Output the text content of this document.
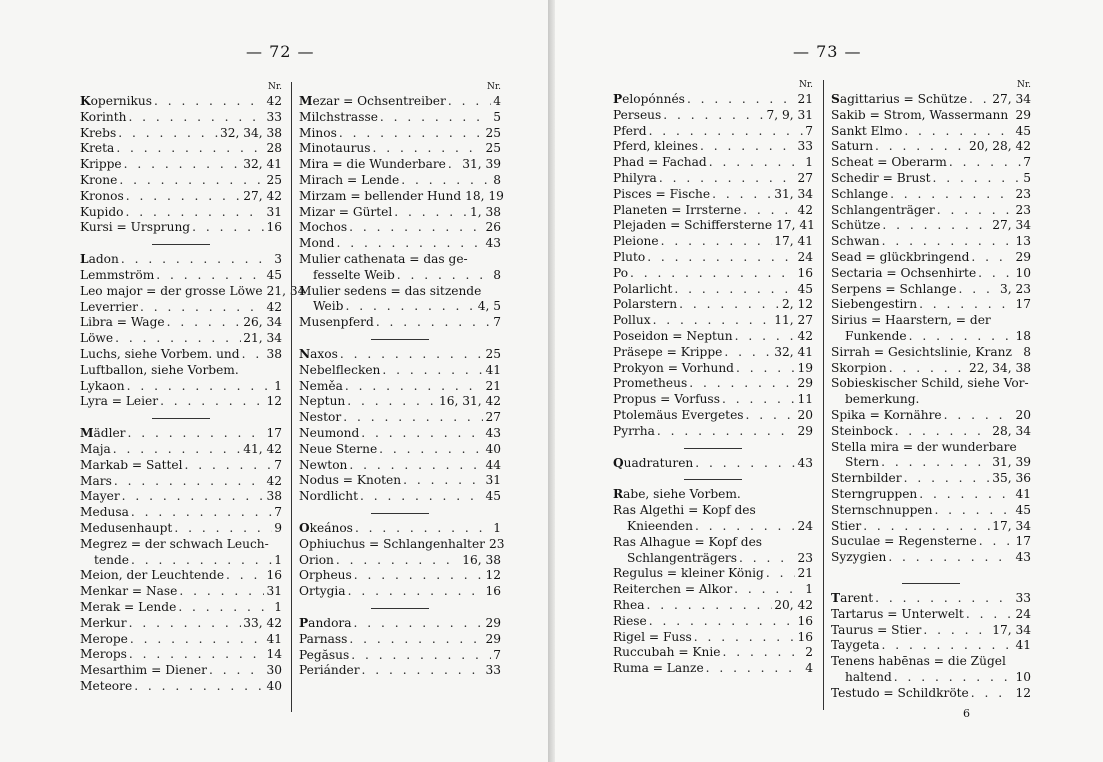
— 72 —
Nr.
Kopernikus . . .	42
Korinth . . .	33
Krebs . . .	32, 34, 38
Kreta . . .	28
Krippe . . .	32, 41
Krone . . .	25
Kronos . . .	27, 42
Kupido . . .	31
Kursi = Ursprung . . .	16
Ladon . . .	3
Lemmström . . .	45
Leo major = der grosse Löwe 21, 34
Leverrier . . .	42
Libra = Wage . . .	26, 34
Löwe . . .	21, 34
Luchs, siehe Vorbem. und . . . 38
Luftballon, siehe Vorbem.
Lykaon . . .	1
Lyra = Leier . . .	12
Mädler . . .	17
Maja . . .	41, 42
Markab = Sattel . . .	7
Mars . . .	42
Mayer . . .	38
Medusa . . .	7
Medusenhaupt . . .	9
Megrez = der schwach Leuch-
tende . . .	1
Meion, der Leuchtende . . .	16
Menkar = Nase . . .	31
Merak = Lende . . .	1
Merkur . . .	33, 42
Merope . . .	41
Merops . . .	14
Mesarthim = Diener . . .	30
Meteore . . .	40
Nr.
Mezar = Ochsentreiber . . .	4
Milchstrasse . . .	5
Minos . . .	25
Minotaurus . . .	25
Mira = die Wunderbare . . . 31, 39
Mirach = Lende . . .	8
Mirzam = bellender Hund 18, 19
Mizar = Gürtel . . .	1, 38
Mochos . . .	26
Mond . . .	43
Mulier cathenata = das ge-
fesselte Weib . . .	8
Mulier sedens = das sitzende
Weib . . .	4, 5
Musenpferd . . .	7
Naxos . . .	25
Nebelflecken . . .	41
Neměa . . .	21
Neptun . . .	16, 31, 42
Nestor . . .	27
Neumond . . .	43
Neue Sterne . . .	40
Newton . . .	44
Nodus = Knoten . . .	31
Nordlicht . . .	45
Okeános . . .	1
Ophiuchus = Schlangenhalter 23
Orion . . .	16, 38
Orpheus . . .	12
Ortygia . . .	16
Pandora . . .	29
Parnass . . .	29
Pegăsus . . .	7
Periánder . . .	33
— 73 —
Nr.
Pelopónnés . . .	21
Perseus . . .	7, 9, 31
Pferd . . .	7
Pferd, kleines . . .	33
Phad = Fachad . . .	1
Philyra . . .	27
Pisces = Fische . . .	31, 34
Planeten = Irrsterne . . .	42
Plejaden = Schiffersterne 17, 41
Pleione . . .	17, 41
Pluto . . .	24
Po . . .	16
Polarlicht . . .	45
Polarstern . . .	2, 12
Pollux . . .	11, 27
Poseidon = Neptun . . .	42
Präsepe = Krippe . . .	32, 41
Prokyon = Vorhund . . .	19
Prometheus . . .	29
Propus = Vorfuss . . .	11
Ptolemäus Evergetes . . .	20
Pyrrha . . .	29
Quadraturen . . .	43
Rabe, siehe Vorbem.
Ras Algethi = Kopf des
Knieenden . . .	24
Ras Alhague = Kopf des
Schlangenträgers . . .	23
Regulus = kleiner König . . .	21
Reiterchen = Alkor . . .	1
Rhea . . .	20, 42
Riese . . .	16
Rigel = Fuss . . .	16
Ruccubah = Knie . . .	2
Ruma = Lanze . . .	4
Nr.
Sagittarius = Schütze . . . 27, 34
Sakib = Strom, Wassermann 29
Sankt Elmo . . .	45
Saturn . . .	20, 28, 42
Scheat = Oberarm . . .	7
Schedir = Brust . . .	5
Schlange . . .	23
Schlangenträger . . .	23
Schütze . . .	27, 34
Schwan . . .	13
Sead = glückbringend . . .	29
Sectaria = Ochsenhirte . . .	10
Serpens = Schlange . . .	3, 23
Siebengestirn . . .	17
Sirius = Haarstern, = der
Funkende . . .	18
Sirrah = Gesichtslinie, Kranz 8
Skorpion . . .	22, 34, 38
Sobieskischer Schild, siehe Vor-
bemerkung.
Spika = Kornähre . . .	20
Steinbock . . .	28, 34
Stella mira = der wunderbare
Stern . . .	31, 39
Sternbilder . . .	35, 36
Sterngruppen . . .	41
Sternschnuppen . . .	45
Stier . . .	17, 34
Suculae = Regensterne . . .	17
Syzygien . . .	43
Tarent . . .	33
Tartarus = Unterwelt . . .	24
Taurus = Stier . . .	17, 34
Taygeta . . .	41
Tenens habēnas = die Zügel
haltend . . .	10
Testudo = Schildkröte . . .	12
6
